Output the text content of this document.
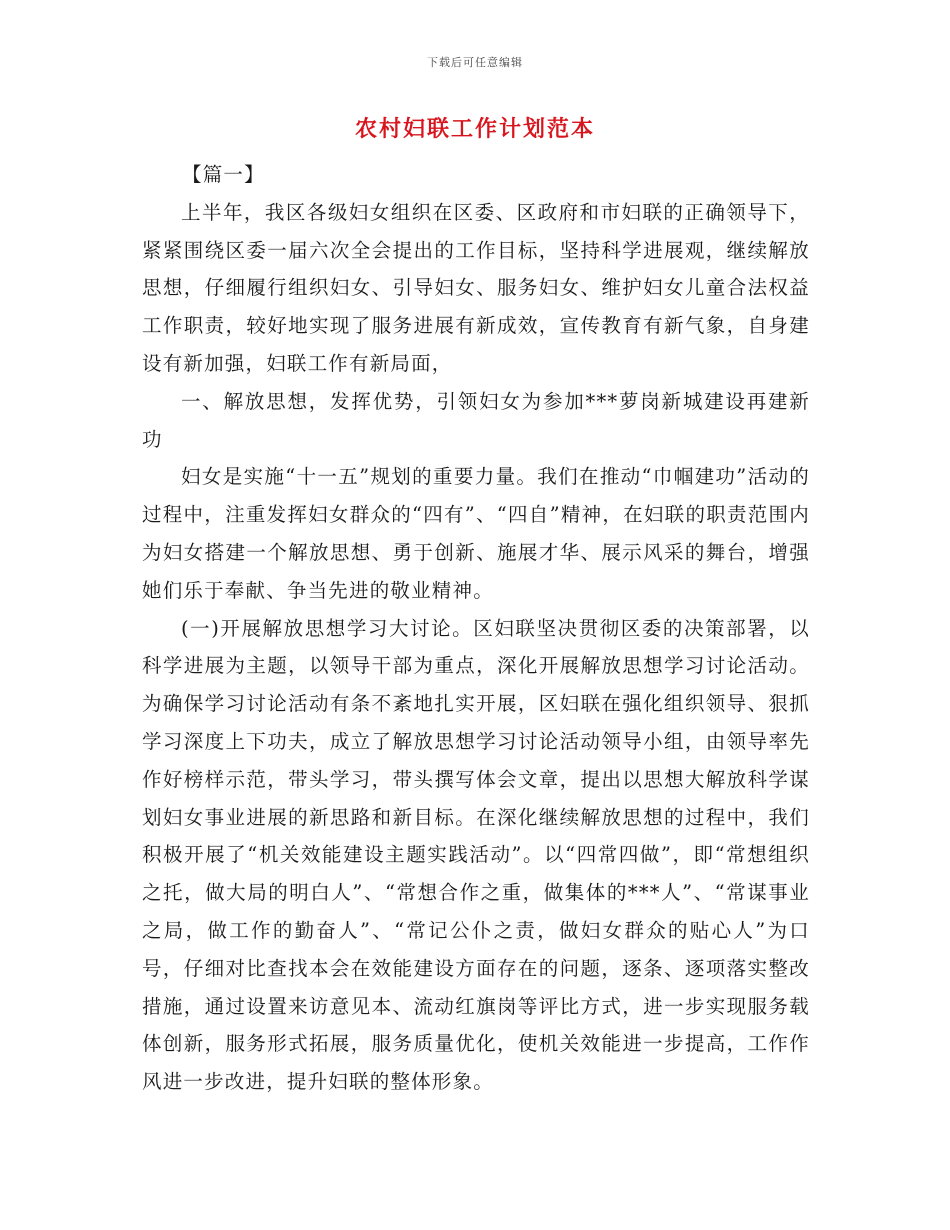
下载后可任意编辑
农村妇联工作计划范本

【篇一】

上半年，我区各级妇女组织在区委、区政府和市妇联的正确领导下，紧紧围绕区委一届六次全会提出的工作目标，坚持科学进展观，继续解放思想，仔细履行组织妇女、引导妇女、服务妇女、维护妇女儿童合法权益工作职责，较好地实现了服务进展有新成效，宣传教育有新气象，自身建设有新加强，妇联工作有新局面，

一、解放思想，发挥优势，引领妇女为参加***萝岗新城建设再建新功

妇女是实施“十一五”规划的重要力量。我们在推动“巾帼建功”活动的过程中，注重发挥妇女群众的“四有”、“四自”精神，在妇联的职责范围内为妇女搭建一个解放思想、勇于创新、施展才华、展示风采的舞台，增强她们乐于奉献、争当先进的敬业精神。

(一)开展解放思想学习大讨论。区妇联坚决贯彻区委的决策部署，以科学进展为主题，以领导干部为重点，深化开展解放思想学习讨论活动。为确保学习讨论活动有条不紊地扎实开展，区妇联在强化组织领导、狠抓学习深度上下功夫，成立了解放思想学习讨论活动领导小组，由领导率先作好榜样示范，带头学习，带头撰写体会文章，提出以思想大解放科学谋划妇女事业进展的新思路和新目标。在深化继续解放思想的过程中，我们积极开展了“机关效能建设主题实践活动”。以“四常四做”，即“常想组织之托，做大局的明白人”、“常想合作之重，做集体的***人”、“常谋事业之局，做工作的勤奋人”、“常记公仆之责，做妇女群众的贴心人”为口号，仔细对比查找本会在效能建设方面存在的问题，逐条、逐项落实整改措施，通过设置来访意见本、流动红旗岗等评比方式，进一步实现服务载体创新，服务形式拓展，服务质量优化，使机关效能进一步提高，工作作风进一步改进，提升妇联的整体形象。
